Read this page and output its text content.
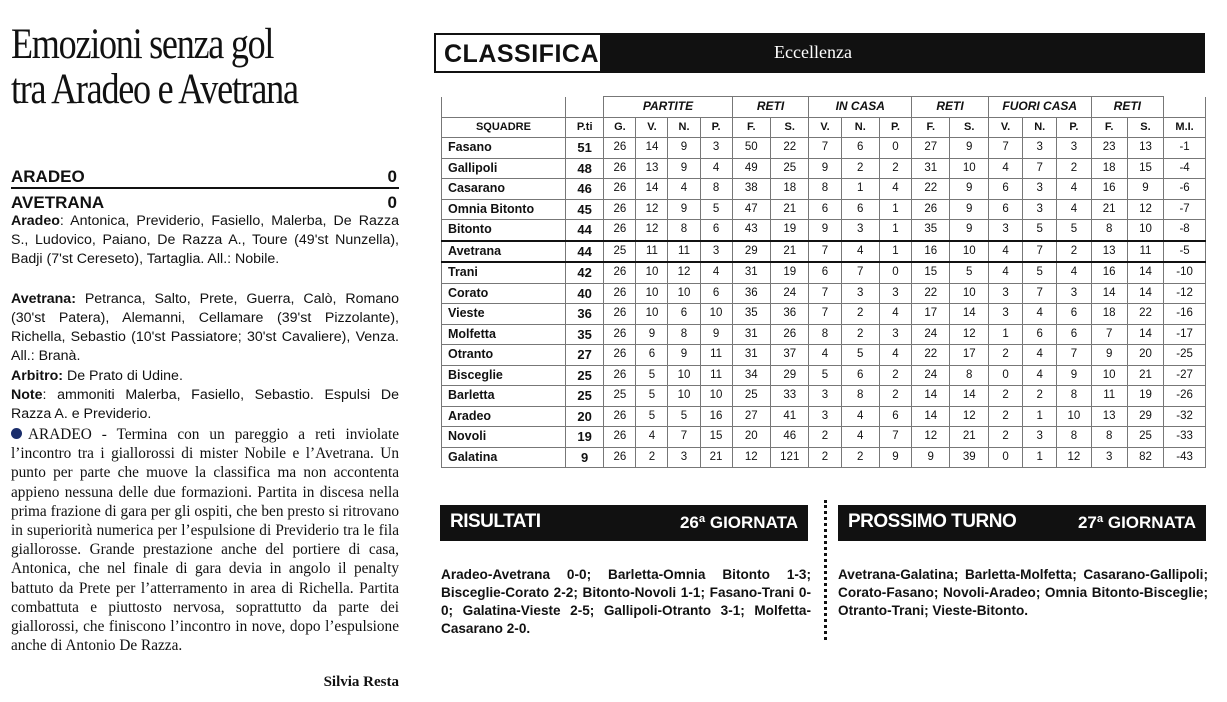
Emozioni senza gol
tra Aradeo e Avetrana
ARADEO	0
AVETRANA	0
Aradeo: Antonica, Previderio, Fasiello, Malerba, De Razza S., Ludovico, Paiano, De Razza A., Toure (49'st Nunzella), Badji (7'st Cereseto), Tartaglia. All.: Nobile.
Avetrana: Petranca, Salto, Prete, Guerra, Calò, Romano (30'st Patera), Alemanni, Cellamare (39'st Pizzolante), Richella, Sebastio (10'st Passiatore; 30'st Cavaliere), Venza. All.: Branà.
Arbitro: De Prato di Udine.
Note: ammoniti Malerba, Fasiello, Sebastio. Espulsi De Razza A. e Previderio.
ARADEO - Termina con un pareggio a reti inviolate l’incontro tra i giallorossi di mister Nobile e l’Avetrana. Un punto per parte che muove la classifica ma non accontenta appieno nessuna delle due formazioni. Partita in discesa nella prima frazione di gara per gli ospiti, che ben presto si ritrovano in superiorità numerica per l’espulsione di Previderio tra le fila giallorosse. Grande prestazione anche del portiere di casa, Antonica, che nel finale di gara devia in angolo il penalty battuto da Prete per l’atterramento in area di Richella. Partita combattuta e piuttosto nervosa, soprattutto da parte dei giallorossi, che finiscono l’incontro in nove, dopo l’espulsione anche di Antonio De Razza.
Silvia Resta
CLASSIFICA	Eccellenza
		PARTITE				RETI		IN CASA			RETI		FUORI CASA			RETI		
SQUADRE	P.ti	G.	V.	N.	P.	F.	S.	V.	N.	P.	F.	S.	V.	N.	P.	F.	S.	M.I.
Fasano	51	26	14	9	3	50	22	7	6	0	27	9	7	3	3	23	13	-1
Gallipoli	48	26	13	9	4	49	25	9	2	2	31	10	4	7	2	18	15	-4
Casarano	46	26	14	4	8	38	18	8	1	4	22	9	6	3	4	16	9	-6
Omnia Bitonto	45	26	12	9	5	47	21	6	6	1	26	9	6	3	4	21	12	-7
Bitonto	44	26	12	8	6	43	19	9	3	1	35	9	3	5	5	8	10	-8
Avetrana	44	25	11	11	3	29	21	7	4	1	16	10	4	7	2	13	11	-5
Trani	42	26	10	12	4	31	19	6	7	0	15	5	4	5	4	16	14	-10
Corato	40	26	10	10	6	36	24	7	3	3	22	10	3	7	3	14	14	-12
Vieste	36	26	10	6	10	35	36	7	2	4	17	14	3	4	6	18	22	-16
Molfetta	35	26	9	8	9	31	26	8	2	3	24	12	1	6	6	7	14	-17
Otranto	27	26	6	9	11	31	37	4	5	4	22	17	2	4	7	9	20	-25
Bisceglie	25	26	5	10	11	34	29	5	6	2	24	8	0	4	9	10	21	-27
Barletta	25	25	5	10	10	25	33	3	8	2	14	14	2	2	8	11	19	-26
Aradeo	20	26	5	5	16	27	41	3	4	6	14	12	2	1	10	13	29	-32
Novoli	19	26	4	7	15	20	46	2	4	7	12	21	2	3	8	8	25	-33
Galatina	9	26	2	3	21	12	121	2	2	9	9	39	0	1	12	3	82	-43
RISULTATI	26ª GIORNATA
Aradeo-Avetrana 0-0; Barletta-Omnia Bitonto 1-3; Bisceglie-Corato 2-2; Bitonto-Novoli 1-1; Fasano-Trani 0-0; Galatina-Vieste 2-5; Gallipoli-Otranto 3-1; Molfetta-Casarano 2-0.
PROSSIMO TURNO	27ª GIORNATA
Avetrana-Galatina; Barletta-Molfetta; Casarano-Gallipoli; Corato-Fasano; Novoli-Aradeo; Omnia Bitonto-Bisceglie; Otranto-Trani; Vieste-Bitonto.
